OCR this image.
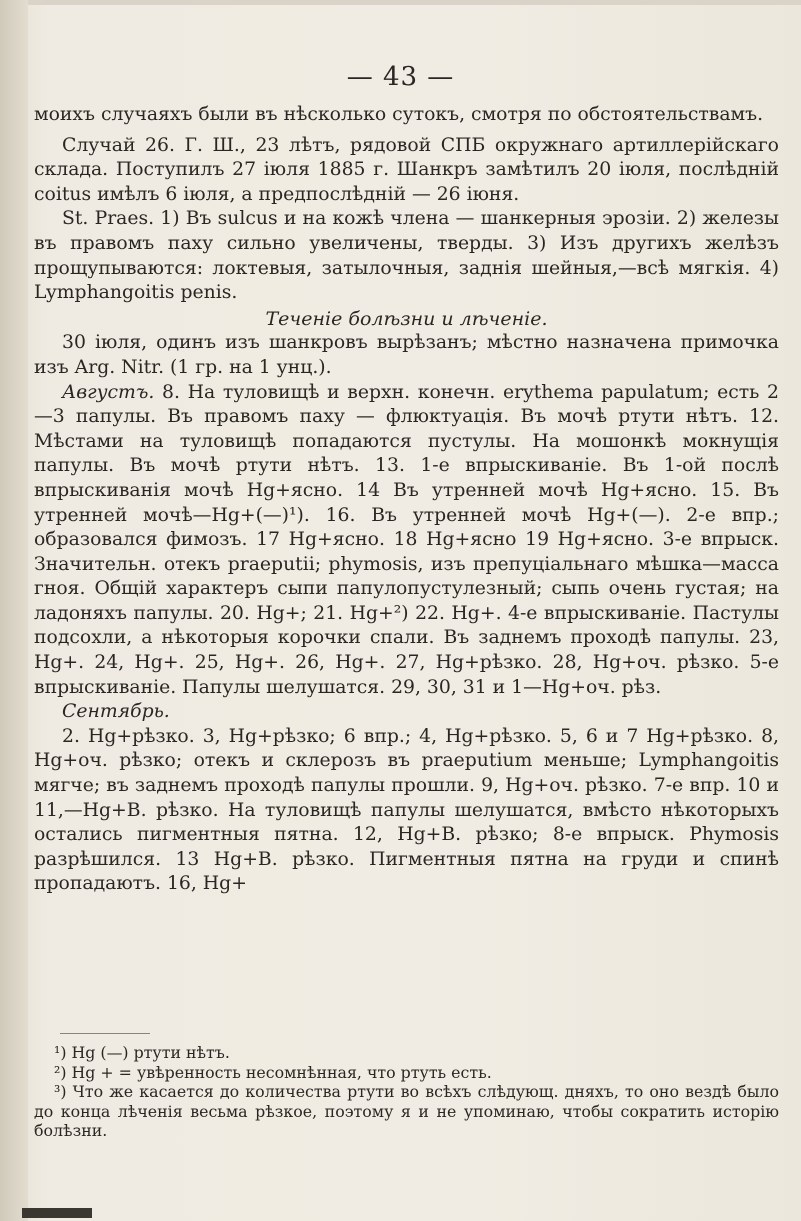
— 43 —

моихъ случаяхъ были въ нѣсколько сутокъ, смотря по обстоятельствамъ.

Случай 26. Г. Ш., 23 лѣтъ, рядовой СПБ окружнаго артиллерійскаго склада. Поступилъ 27 іюля 1885 г. Шанкръ замѣтилъ 20 іюля, послѣдній coitus имѣлъ 6 іюля, а предпослѣдній — 26 іюня.

St. Praes. 1) Въ sulcus и на кожѣ члена — шанкерныя эрозіи. 2) железы въ правомъ паху сильно увеличены, тверды. 3) Изъ другихъ желѣзъ прощупываются: локтевыя, затылочныя, заднія шейныя,—всѣ мягкія. 4) Lymphangoitis penis.

Теченіе болѣзни и лѣченіе.

30 іюля, одинъ изъ шанкровъ вырѣзанъ; мѣстно назначена примочка изъ Arg. Nitr. (1 гр. на 1 унц.).

Августъ. 8. На туловищѣ и верхн. конечн. erythema papulatum; есть 2—3 папулы. Въ правомъ паху — флюктуація. Въ мочѣ ртути нѣтъ. 12. Мѣстами на туловищѣ попадаются пустулы. На мошонкѣ мокнущія папулы. Въ мочѣ ртути нѣтъ. 13. 1-е впрыскиваніе. Въ 1-ой послѣ впрыскиванія мочѣ Hg+ясно. 14 Въ утренней мочѣ Hg+ясно. 15. Въ утренней мочѣ—Hg+(—)¹). 16. Въ утренней мочѣ Hg+(—). 2-е впр.; образовался фимозъ. 17 Hg+ясно. 18 Hg+ясно 19 Hg+ясно. 3-е впрыск. Значительн. отекъ praeputii; phymosis, изъ препуціальнаго мѣшка—масса гноя. Общій характеръ сыпи папулопустулезный; сыпь очень густая; на ладоняхъ папулы. 20. Hg+; 21. Hg+²) 22. Hg+. 4-е впрыскиваніе. Пастулы подсохли, а нѣкоторыя корочки спали. Въ заднемъ проходѣ папулы. 23, Hg+. 24, Hg+. 25, Hg+. 26, Hg+. 27, Hg+рѣзко. 28, Hg+оч. рѣзко. 5-е впрыскиваніе. Папулы шелушатся. 29, 30, 31 и 1—Hg+оч. рѣз.

Сентябрь.

2. Hg+рѣзко. 3, Hg+рѣзко; 6 впр.; 4, Hg+рѣзко. 5, 6 и 7 Hg+рѣзко. 8, Hg+оч. рѣзко; отекъ и склерозъ въ praeputium меньше; Lymphangoitis мягче; въ заднемъ проходѣ папулы прошли. 9, Hg+оч. рѣзко. 7-е впр. 10 и 11,—Hg+В. рѣзко. На туловищѣ папулы шелушатся, вмѣсто нѣкоторыхъ остались пигментныя пятна. 12, Hg+В. рѣзко; 8-е впрыск. Phymosis разрѣшился. 13 Hg+В. рѣзко. Пигментныя пятна на груди и спинѣ пропадаютъ. 16, Hg+

¹) Hg (—) ртути нѣтъ.

²) Hg + = увѣренность несомнѣнная, что ртуть есть.

³) Что же касается до количества ртути во всѣхъ слѣдующ. дняхъ, то оно вездѣ было до конца лѣченія весьма рѣзкое, поэтому я и не упоминаю, чтобы сократить исторію болѣзни.
